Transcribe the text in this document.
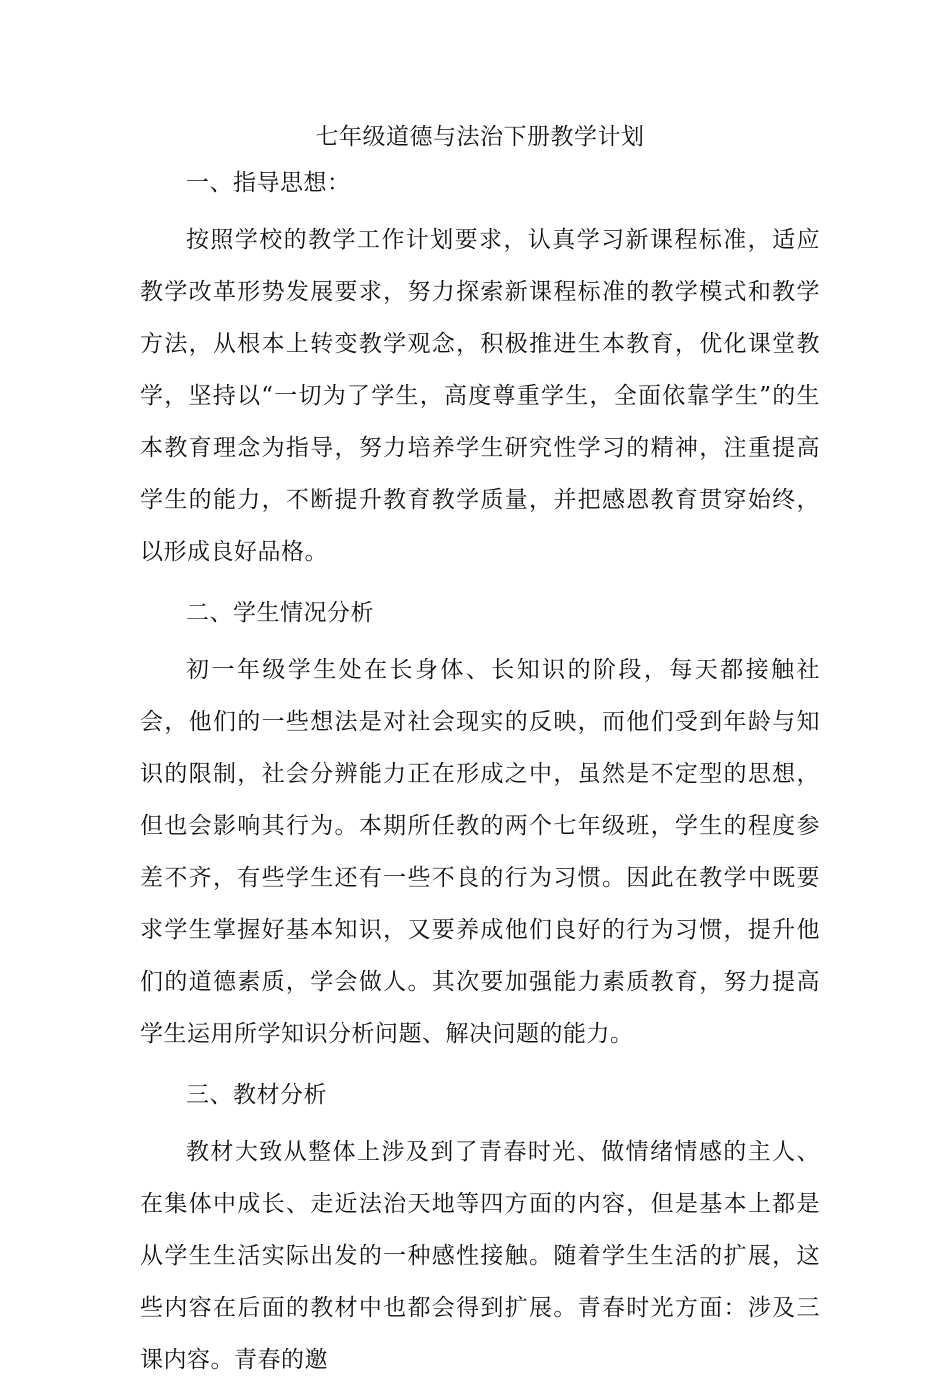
七年级道德与法治下册教学计划
一、指导思想：

按照学校的教学工作计划要求，认真学习新课程标准，适应教学改革形势发展要求，努力探索新课程标准的教学模式和教学方法，从根本上转变教学观念，积极推进生本教育，优化课堂教学，坚持以“一切为了学生，高度尊重学生，全面依靠学生”的生本教育理念为指导，努力培养学生研究性学习的精神，注重提高学生的能力，不断提升教育教学质量，并把感恩教育贯穿始终，以形成良好品格。

二、学生情况分析

初一年级学生处在长身体、长知识的阶段，每天都接触社会，他们的一些想法是对社会现实的反映，而他们受到年龄与知识的限制，社会分辨能力正在形成之中，虽然是不定型的思想，但也会影响其行为。本期所任教的两个七年级班，学生的程度参差不齐，有些学生还有一些不良的行为习惯。因此在教学中既要求学生掌握好基本知识，又要养成他们良好的行为习惯，提升他们的道德素质，学会做人。其次要加强能力素质教育，努力提高学生运用所学知识分析问题、解决问题的能力。

三、教材分析

教材大致从整体上涉及到了青春时光、做情绪情感的主人、在集体中成长、走近法治天地等四方面的内容，但是基本上都是从学生生活实际出发的一种感性接触。随着学生生活的扩展，这些内容在后面的教材中也都会得到扩展。青春时光方面：涉及三课内容。青春的邀
